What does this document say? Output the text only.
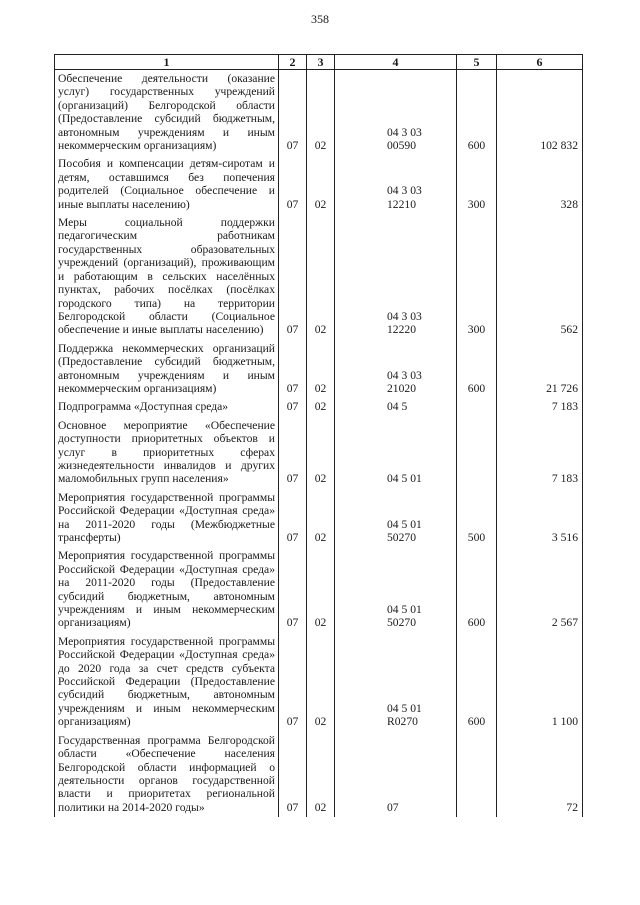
358
1	2	3	4	5	6
Обеспечение деятельности (оказание услуг) государственных учреждений (организаций) Белгородской области (Предоставление субсидий бюджетным, автономным учреждениям и иным некоммерческим организациям)	07	02	04 3 03 00590	600	102 832
Пособия и компенсации детям-сиротам и детям, оставшимся без попечения родителей (Социальное обеспечение и иные выплаты населению)	07	02	04 3 03 12210	300	328
Меры социальной поддержки педагогическим работникам государственных образовательных учреждений (организаций), проживающим и работающим в сельских населённых пунктах, рабочих посёлках (посёлках городского типа) на территории Белгородской области (Социальное обеспечение и иные выплаты населению)	07	02	04 3 03 12220	300	562
Поддержка некоммерческих организаций (Предоставление субсидий бюджетным, автономным учреждениям и иным некоммерческим организациям)	07	02	04 3 03 21020	600	21 726
Подпрограмма «Доступная среда»	07	02	04 5		7 183
Основное мероприятие «Обеспечение доступности приоритетных объектов и услуг в приоритетных сферах жизнедеятельности инвалидов и других маломобильных групп населения»	07	02	04 5 01		7 183
Мероприятия государственной программы Российской Федерации «Доступная среда» на 2011-2020 годы (Межбюджетные трансферты)	07	02	04 5 01 50270	500	3 516
Мероприятия государственной программы Российской Федерации «Доступная среда» на 2011-2020 годы (Предоставление субсидий бюджетным, автономным учреждениям и иным некоммерческим организациям)	07	02	04 5 01 50270	600	2 567
Мероприятия государственной программы Российской Федерации «Доступная среда» до 2020 года за счет средств субъекта Российской Федерации (Предоставление субсидий бюджетным, автономным учреждениям и иным некоммерческим организациям)	07	02	04 5 01 R0270	600	1 100
Государственная программа Белгородской области «Обеспечение населения Белгородской области информацией о деятельности органов государственной власти и приоритетах региональной политики на 2014-2020 годы»	07	02	07		72
